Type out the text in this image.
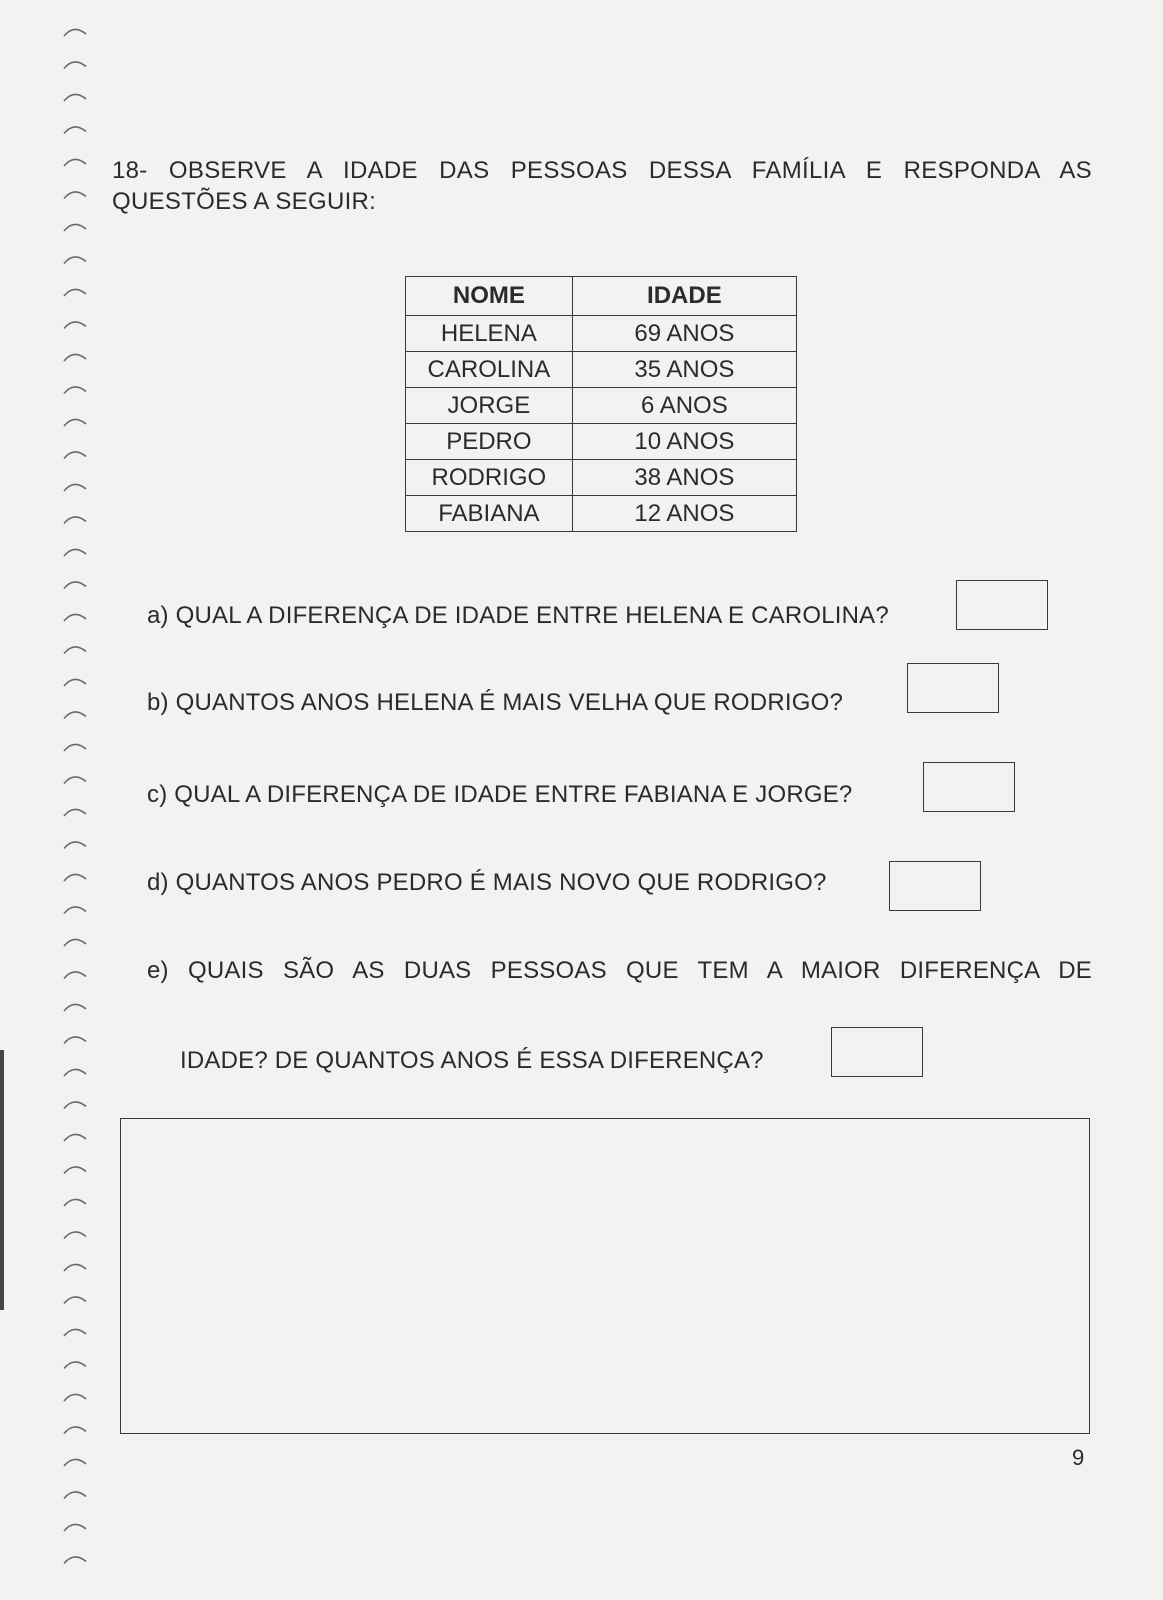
18- OBSERVE A IDADE DAS PESSOAS DESSA FAMÍLIA E RESPONDA AS
QUESTÕES A SEGUIR:
NOME	IDADE
HELENA	69 ANOS
CAROLINA	35 ANOS
JORGE	6 ANOS
PEDRO	10 ANOS
RODRIGO	38 ANOS
FABIANA	12 ANOS
a) QUAL A DIFERENÇA DE IDADE ENTRE HELENA E CAROLINA?
b) QUANTOS ANOS HELENA É MAIS VELHA QUE RODRIGO?
c) QUAL A DIFERENÇA DE IDADE ENTRE FABIANA E JORGE?
d) QUANTOS ANOS PEDRO É MAIS NOVO QUE RODRIGO?
e) QUAIS SÃO AS DUAS PESSOAS QUE TEM A MAIOR DIFERENÇA DE
IDADE? DE QUANTOS ANOS É ESSA DIFERENÇA?
9
